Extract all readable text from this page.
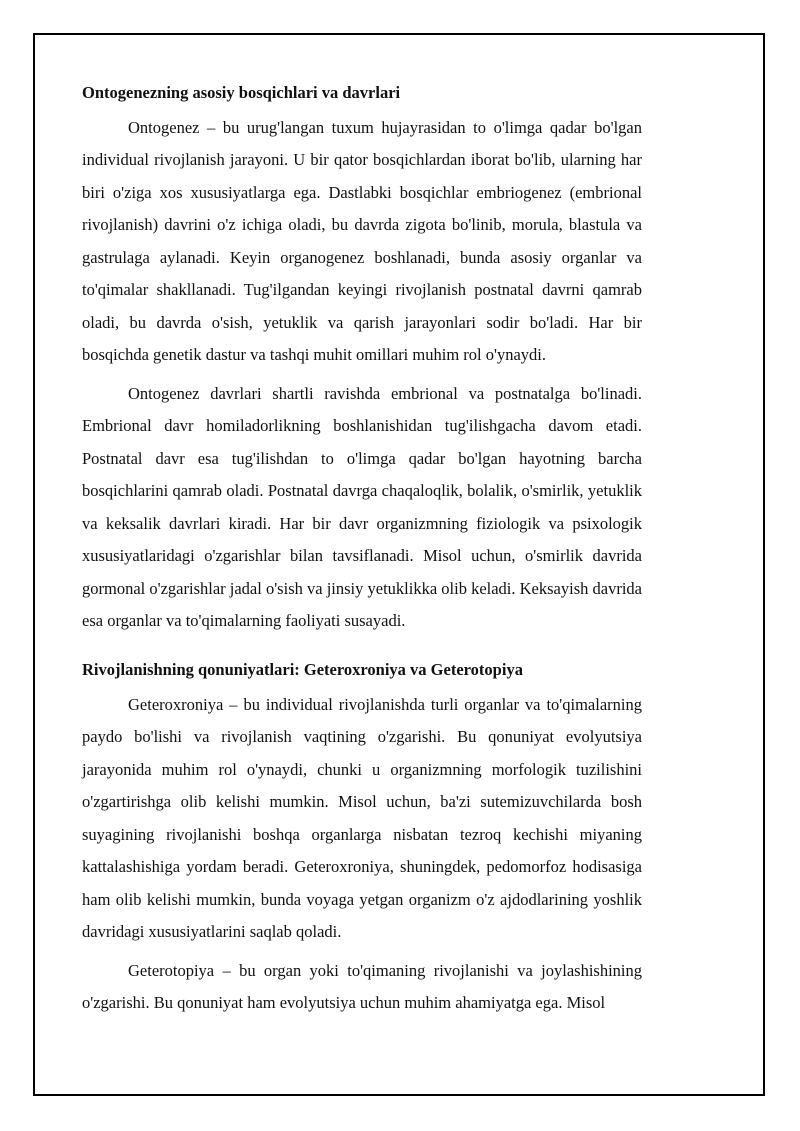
Ontogenezning asosiy bosqichlari va davrlari

Ontogenez – bu urug'langan tuxum hujayrasidan to o'limga qadar bo'lgan individual rivojlanish jarayoni. U bir qator bosqichlardan iborat bo'lib, ularning har biri o'ziga xos xususiyatlarga ega. Dastlabki bosqichlar embriogenez (embrional rivojlanish) davrini o'z ichiga oladi, bu davrda zigota bo'linib, morula, blastula va gastrulaga aylanadi. Keyin organogenez boshlanadi, bunda asosiy organlar va to'qimalar shakllanadi. Tug'ilgandan keyingi rivojlanish postnatal davrni qamrab oladi, bu davrda o'sish, yetuklik va qarish jarayonlari sodir bo'ladi. Har bir bosqichda genetik dastur va tashqi muhit omillari muhim rol o'ynaydi.

Ontogenez davrlari shartli ravishda embrional va postnatalga bo'linadi. Embrional davr homiladorlikning boshlanishidan tug'ilishgacha davom etadi. Postnatal davr esa tug'ilishdan to o'limga qadar bo'lgan hayotning barcha bosqichlarini qamrab oladi. Postnatal davrga chaqaloqlik, bolalik, o'smirlik, yetuklik va keksalik davrlari kiradi. Har bir davr organizmning fiziologik va psixologik xususiyatlaridagi o'zgarishlar bilan tavsiflanadi. Misol uchun, o'smirlik davrida gormonal o'zgarishlar jadal o'sish va jinsiy yetuklikka olib keladi. Keksayish davrida esa organlar va to'qimalarning faoliyati susayadi.

Rivojlanishning qonuniyatlari: Geteroxroniya va Geterotopiya

Geteroxroniya – bu individual rivojlanishda turli organlar va to'qimalarning paydo bo'lishi va rivojlanish vaqtining o'zgarishi. Bu qonuniyat evolyutsiya jarayonida muhim rol o'ynaydi, chunki u organizmning morfologik tuzilishini o'zgartirishga olib kelishi mumkin. Misol uchun, ba'zi sutemizuvchilarda bosh suyagining rivojlanishi boshqa organlarga nisbatan tezroq kechishi miyaning kattalashishiga yordam beradi. Geteroxroniya, shuningdek, pedomorfoz hodisasiga ham olib kelishi mumkin, bunda voyaga yetgan organizm o'z ajdodlarining yoshlik davridagi xususiyatlarini saqlab qoladi.

Geterotopiya – bu organ yoki to'qimaning rivojlanishi va joylashishining o'zgarishi. Bu qonuniyat ham evolyutsiya uchun muhim ahamiyatga ega. Misol
